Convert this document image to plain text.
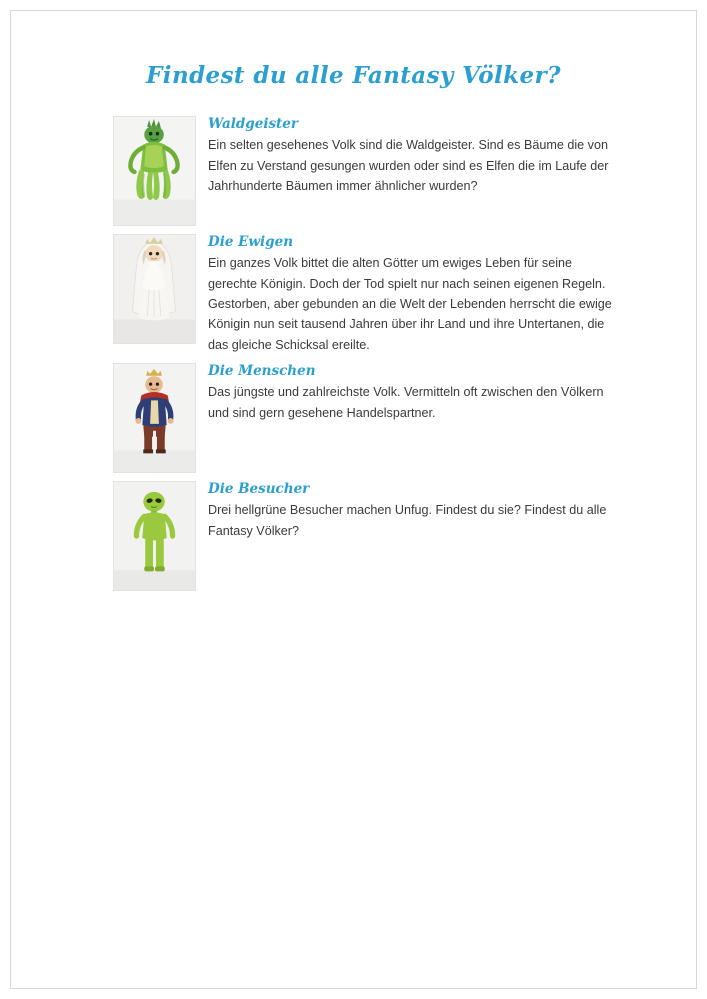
Findest du alle Fantasy Völker?
Waldgeister

Ein selten gesehenes Volk sind die Waldgeister. Sind es Bäume die von Elfen zu Verstand gesungen wurden oder sind es Elfen die im Laufe der Jahrhunderte Bäumen immer ähnlicher wurden?

Die Ewigen

Ein ganzes Volk bittet die alten Götter um ewiges Leben für seine gerechte Königin. Doch der Tod spielt nur nach seinen eigenen Regeln. Gestorben, aber gebunden an die Welt der Lebenden herrscht die ewige Königin nun seit tausend Jahren über ihr Land und ihre Untertanen, die das gleiche Schicksal ereilte.

Die Menschen

Das jüngste und zahlreichste Volk. Vermitteln oft zwischen den Völkern und sind gern gesehene Handelspartner.

Die Besucher

Drei hellgrüne Besucher machen Unfug. Findest du sie? Findest du alle Fantasy Völker?
